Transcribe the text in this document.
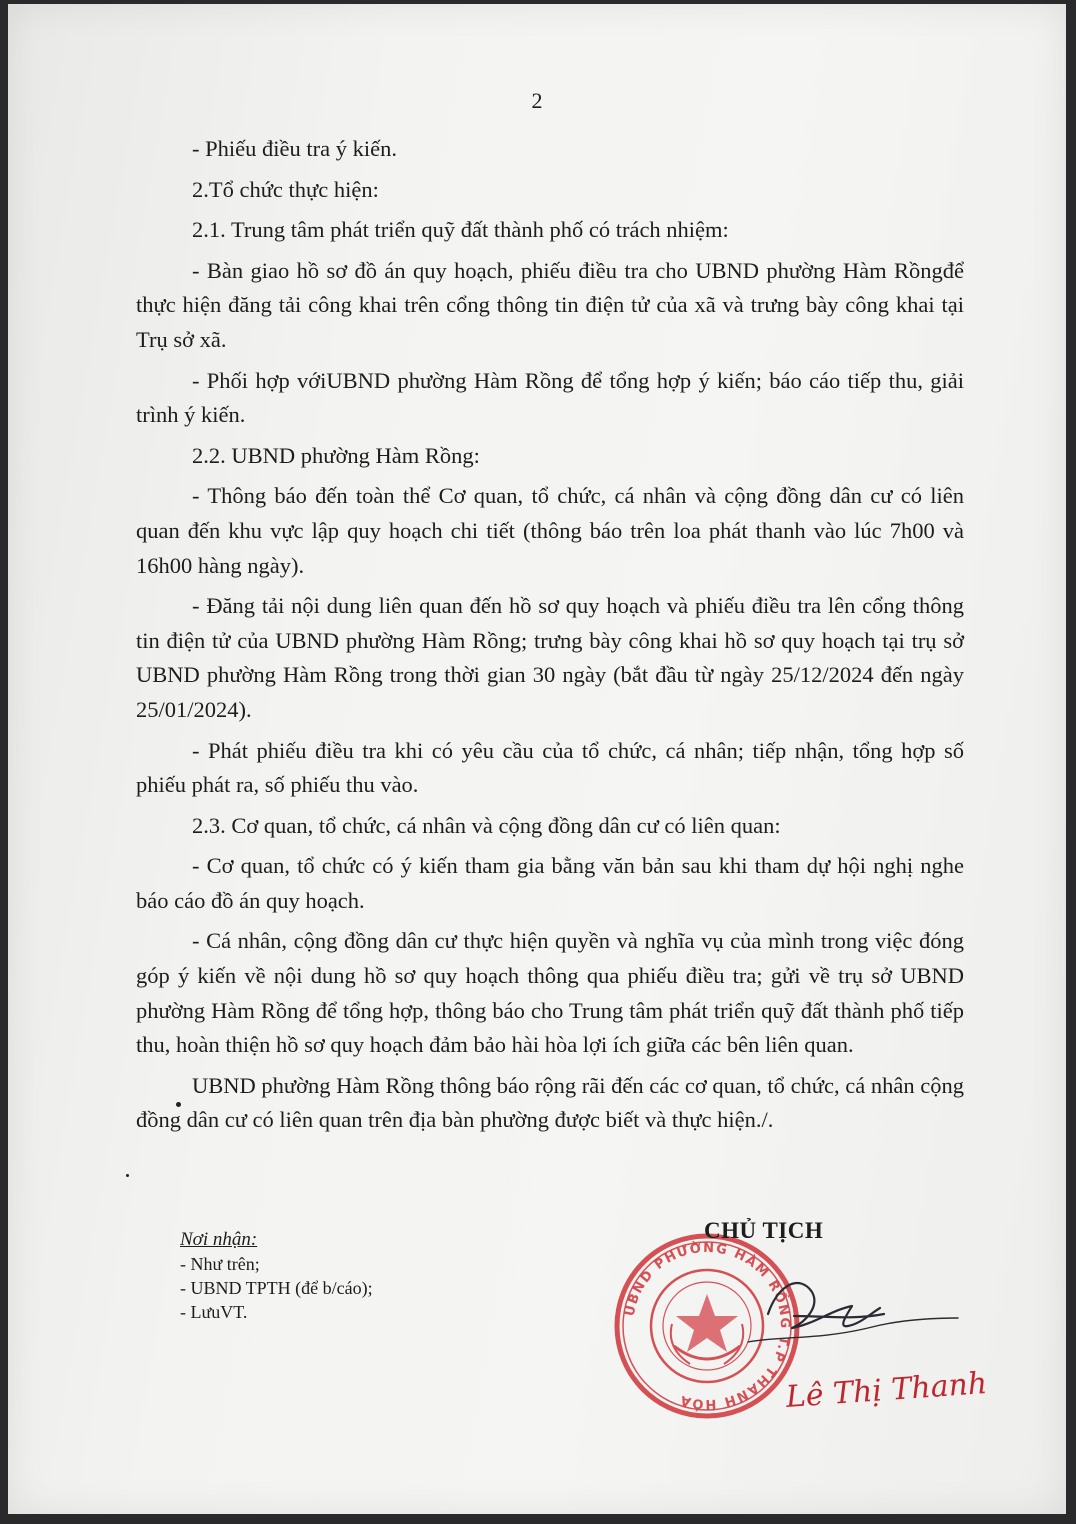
2

- Phiếu điều tra ý kiến.

2.Tổ chức thực hiện:

2.1. Trung tâm phát triển quỹ đất thành phố có trách nhiệm:

- Bàn giao hồ sơ đồ án quy hoạch, phiếu điều tra cho UBND phường Hàm Rồngđể thực hiện đăng tải công khai trên cổng thông tin điện tử của xã và trưng bày công khai tại Trụ sở xã.

- Phối hợp vớiUBND phường Hàm Rồng để tổng hợp ý kiến; báo cáo tiếp thu, giải trình ý kiến.

2.2. UBND phường Hàm Rồng:

- Thông báo đến toàn thể Cơ quan, tổ chức, cá nhân và cộng đồng dân cư có liên quan đến khu vực lập quy hoạch chi tiết (thông báo trên loa phát thanh vào lúc 7h00 và 16h00 hàng ngày).

- Đăng tải nội dung liên quan đến hồ sơ quy hoạch và phiếu điều tra lên cổng thông tin điện tử của UBND phường Hàm Rồng; trưng bày công khai hồ sơ quy hoạch tại trụ sở UBND phường Hàm Rồng trong thời gian 30 ngày (bắt đầu từ ngày 25/12/2024 đến ngày 25/01/2024).

- Phát phiếu điều tra khi có yêu cầu của tổ chức, cá nhân; tiếp nhận, tổng hợp số phiếu phát ra, số phiếu thu vào.

2.3. Cơ quan, tổ chức, cá nhân và cộng đồng dân cư có liên quan:

- Cơ quan, tổ chức có ý kiến tham gia bằng văn bản sau khi tham dự hội nghị nghe báo cáo đồ án quy hoạch.

- Cá nhân, cộng đồng dân cư thực hiện quyền và nghĩa vụ của mình trong việc đóng góp ý kiến về nội dung hồ sơ quy hoạch thông qua phiếu điều tra; gửi về trụ sở UBND phường Hàm Rồng để tổng hợp, thông báo cho Trung tâm phát triển quỹ đất thành phố tiếp thu, hoàn thiện hồ sơ quy hoạch đảm bảo hài hòa lợi ích giữa các bên liên quan.

UBND phường Hàm Rồng thông báo rộng rãi đến các cơ quan, tổ chức, cá nhân cộng đồng dân cư có liên quan trên địa bàn phường được biết và thực hiện./.

Nơi nhận:
- Như trên;
- UBND TPTH (để b/cáo);
- LưuVT.	UBND PHƯỜNG HÀM RỒNG T.P THANH HÓA
CHỦ TỊCH
Lê Thị Thanh
